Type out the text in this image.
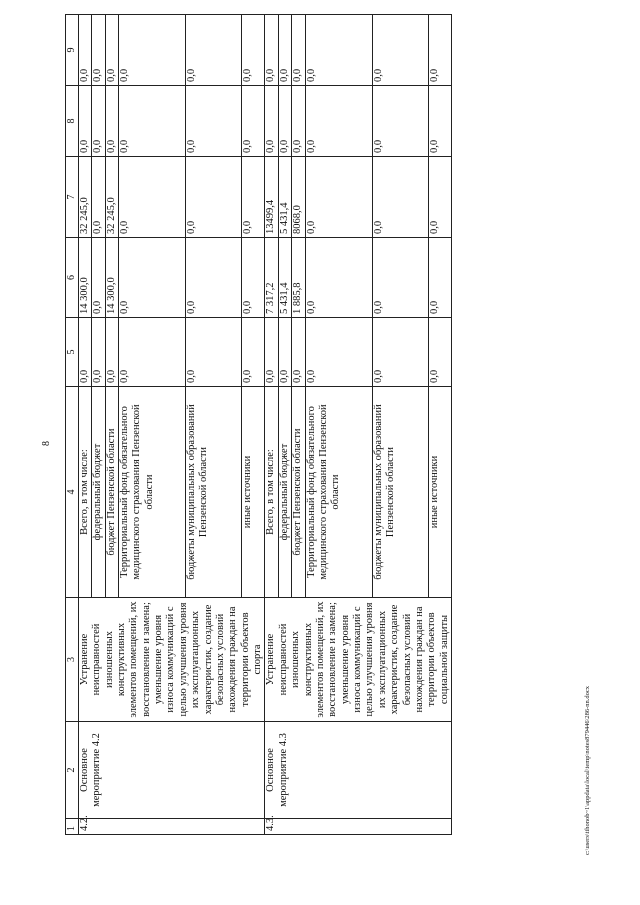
8
c:\users\tihonob~1\appdata\local\temp\notes879446\286-nn.docx
1	2	3	4	5	6	7	8	9
4.2.	Основное мероприятие 4.2	Устранение неисправностей изношенных конструктивных элементов помещений, их восстановление и замена; уменьшение уровня износа коммуникаций с целью улучшения уровня их эксплуатационных характеристик, создание безопасных условий нахождения граждан на территории объектов спорта	Всего, в том числе:	0,0	14 300,0	32 245,0	0,0	0,0
			федеральный бюджет	0,0	0,0	0,0	0,0	0,0
			бюджет Пензенской области	0,0	14 300,0	32 245,0	0,0	0,0
			Территориальный фонд обязательного медицинского страхования Пензенской области	0,0	0,0	0,0	0,0	0,0
			бюджеты муниципальных образований Пензенской области	0,0	0,0	0,0	0,0	0,0
			иные источники	0,0	0,0	0,0	0,0	0,0
4.3.	Основное мероприятие 4.3	Устранение неисправностей изношенных конструктивных элементов помещений, их восстановление и замена; уменьшение уровня износа коммуникаций с целью улучшения уровня их эксплуатационных характеристик, создание безопасных условий нахождения граждан на территории объектов социальной защиты	Всего, в том числе:	0,0	7 317,2	13499,4	0,0	0,0
			федеральный бюджет	0,0	5 431,4	5 431,4	0,0	0,0
			бюджет Пензенской области	0,0	1 885,8	8068,0	0,0	0,0
			Территориальный фонд обязательного медицинского страхования Пензенской области	0,0	0,0	0,0	0,0	0,0
			бюджеты муниципальных образований Пензенской области	0,0	0,0	0,0	0,0	0,0
			иные источники	0,0	0,0	0,0	0,0	0,0
